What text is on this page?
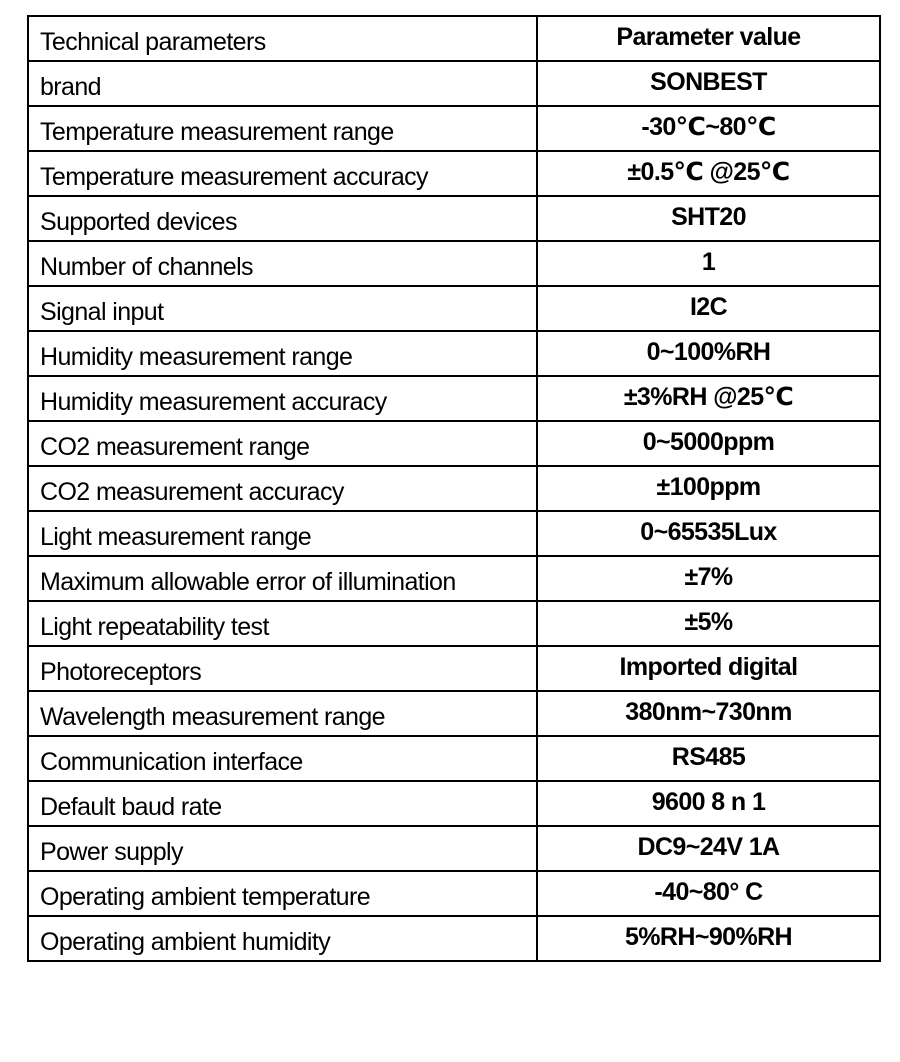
Technical parameters	Parameter value
brand	SONBEST
Temperature measurement range	-30℃~80℃
Temperature measurement accuracy	±0.5℃ @25℃
Supported devices	SHT20
Number of channels	1
Signal input	I2C
Humidity measurement range	0~100%RH
Humidity measurement accuracy	±3%RH @25℃
CO2 measurement range	0~5000ppm
CO2 measurement accuracy	±100ppm
Light measurement range	0~65535Lux
Maximum allowable error of illumination	±7%
Light repeatability test	±5%
Photoreceptors	Imported digital
Wavelength measurement range	380nm~730nm
Communication interface	RS485
Default baud rate	9600 8 n 1
Power supply	DC9~24V 1A
Operating ambient temperature	-40~80° C
Operating ambient humidity	5%RH~90%RH
